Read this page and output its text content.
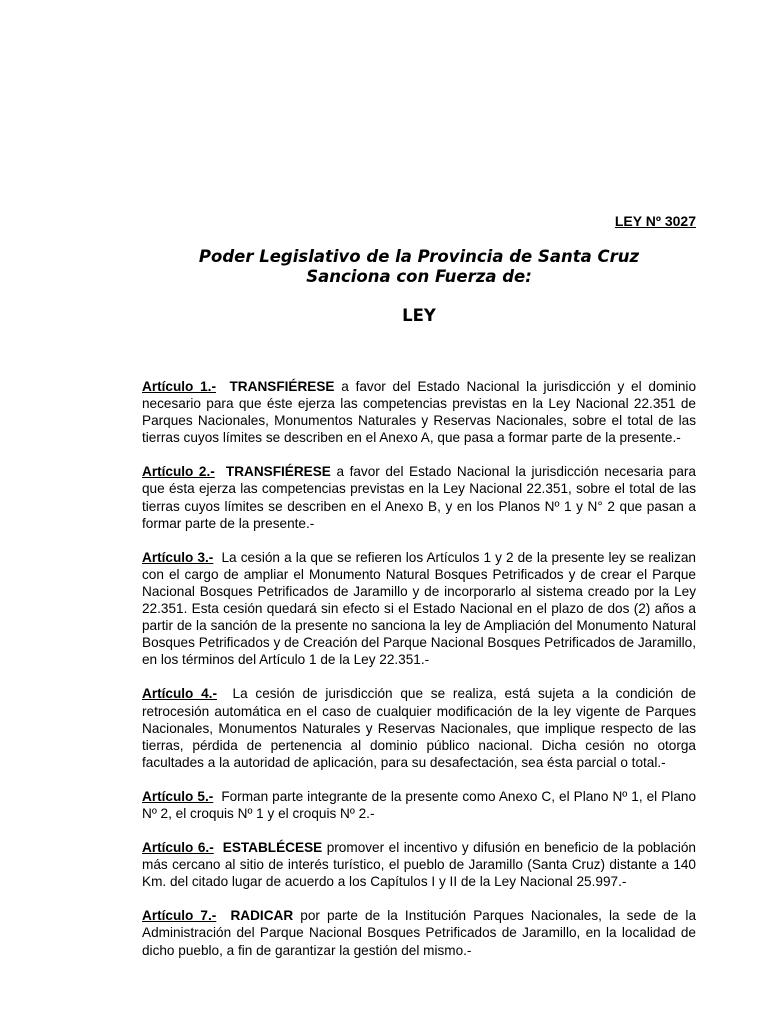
LEY Nº 3027
Poder Legislativo de la Provincia de Santa Cruz
Sanciona con Fuerza de:
LEY

Artículo 1.- TRANSFIÉRESE a favor del Estado Nacional la jurisdicción y el dominio necesario para que éste ejerza las competencias previstas en la Ley Nacional 22.351 de Parques Nacionales, Monumentos Naturales y Reservas Nacionales, sobre el total de las tierras cuyos límites se describen en el Anexo A, que pasa a formar parte de la presente.-

Artículo 2.- TRANSFIÉRESE a favor del Estado Nacional la jurisdicción necesaria para que ésta ejerza las competencias previstas en la Ley Nacional 22.351, sobre el total de las tierras cuyos límites se describen en el Anexo B, y en los Planos Nº 1 y N° 2 que pasan a formar parte de la presente.-

Artículo 3.- La cesión a la que se refieren los Artículos 1 y 2 de la presente ley se realizan con el cargo de ampliar el Monumento Natural Bosques Petrificados y de crear el Parque Nacional Bosques Petrificados de Jaramillo y de incorporarlo al sistema creado por la Ley 22.351. Esta cesión quedará sin efecto si el Estado Nacional en el plazo de dos (2) años a partir de la sanción de la presente no sanciona la ley de Ampliación del Monumento Natural Bosques Petrificados y de Creación del Parque Nacional Bosques Petrificados de Jaramillo, en los términos del Artículo 1 de la Ley 22.351.-

Artículo 4.- La cesión de jurisdicción que se realiza, está sujeta a la condición de retrocesión automática en el caso de cualquier modificación de la ley vigente de Parques Nacionales, Monumentos Naturales y Reservas Nacionales, que implique respecto de las tierras, pérdida de pertenencia al dominio público nacional. Dicha cesión no otorga facultades a la autoridad de aplicación, para su desafectación, sea ésta parcial o total.-

Artículo 5.- Forman parte integrante de la presente como Anexo C, el Plano Nº 1, el Plano Nº 2, el croquis Nº 1 y el croquis Nº 2.-

Artículo 6.- ESTABLÉCESE promover el incentivo y difusión en beneficio de la población más cercano al sitio de interés turístico, el pueblo de Jaramillo (Santa Cruz) distante a 140 Km. del citado lugar de acuerdo a los Capítulos I y II de la Ley Nacional 25.997.-

Artículo 7.- RADICAR por parte de la Institución Parques Nacionales, la sede de la Administración del Parque Nacional Bosques Petrificados de Jaramillo, en la localidad de dicho pueblo, a fin de garantizar la gestión del mismo.-
